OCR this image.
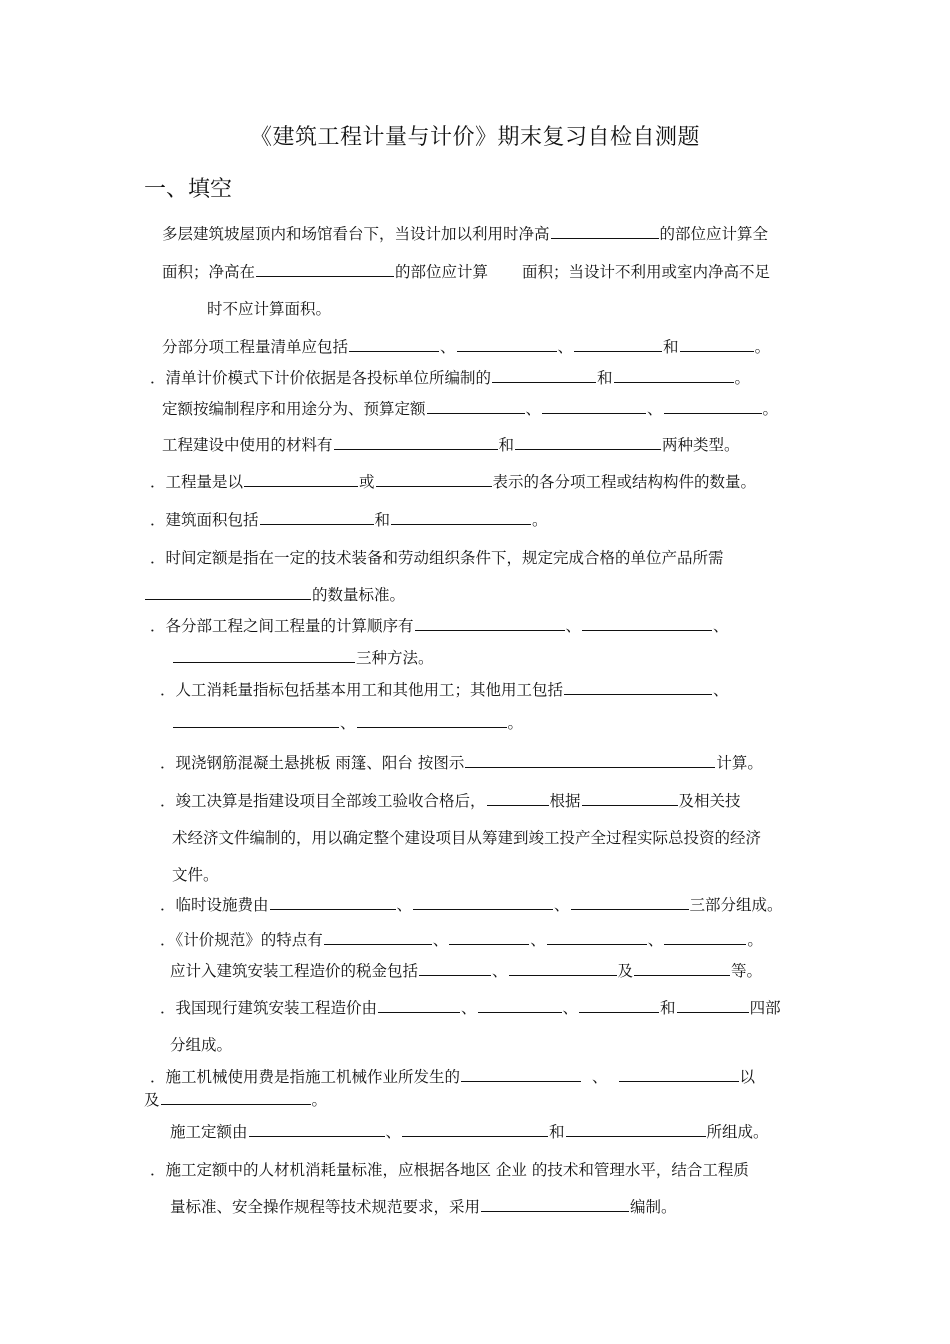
《建筑工程计量与计价》期末复习自检自测题
一、填空
多层建筑坡屋顶内和场馆看台下，当设计加以利用时净高	的部位应计算全
面积；净高在	的部位应计算 面积；当设计不利用或室内净高不足
时不应计算面积。
分部分项工程量清单应包括	、	、	和	。
．清单计价模式下计价依据是各投标单位所编制的	和	。
定额按编制程序和用途分为、预算定额	、	、	。
工程建设中使用的材料有	和	两种类型。
．工程量是以	或	表示的各分项工程或结构构件的数量。
．建筑面积包括	和	。
．时间定额是指在一定的技术装备和劳动组织条件下，规定完成合格的单位产品所需
的数量标准。
．各分部工程之间工程量的计算顺序有	、	、
三种方法。
．人工消耗量指标包括基本用工和其他用工；其他用工包括	、
、	。
．现浇钢筋混凝土悬挑板 雨篷、阳台 按图示	计算。
．竣工决算是指建设项目全部竣工验收合格后，	根据	及相关技
术经济文件编制的，用以确定整个建设项目从筹建到竣工投产全过程实际总投资的经济
文件。
．临时设施费由	、	、	三部分组成。
．《计价规范》的特点有	、	、	、	。
应计入建筑安装工程造价的税金包括	、	及	等。
．我国现行建筑安装工程造价由	、	、	和	四部
分组成。
．施工机械使用费是指施工机械作业所发生的	、	以
及	。
施工定额由	、	和	所组成。
．施工定额中的人材机消耗量标准，应根据各地区 企业 的技术和管理水平，结合工程质
量标准、安全操作规程等技术规范要求，采用	编制。
